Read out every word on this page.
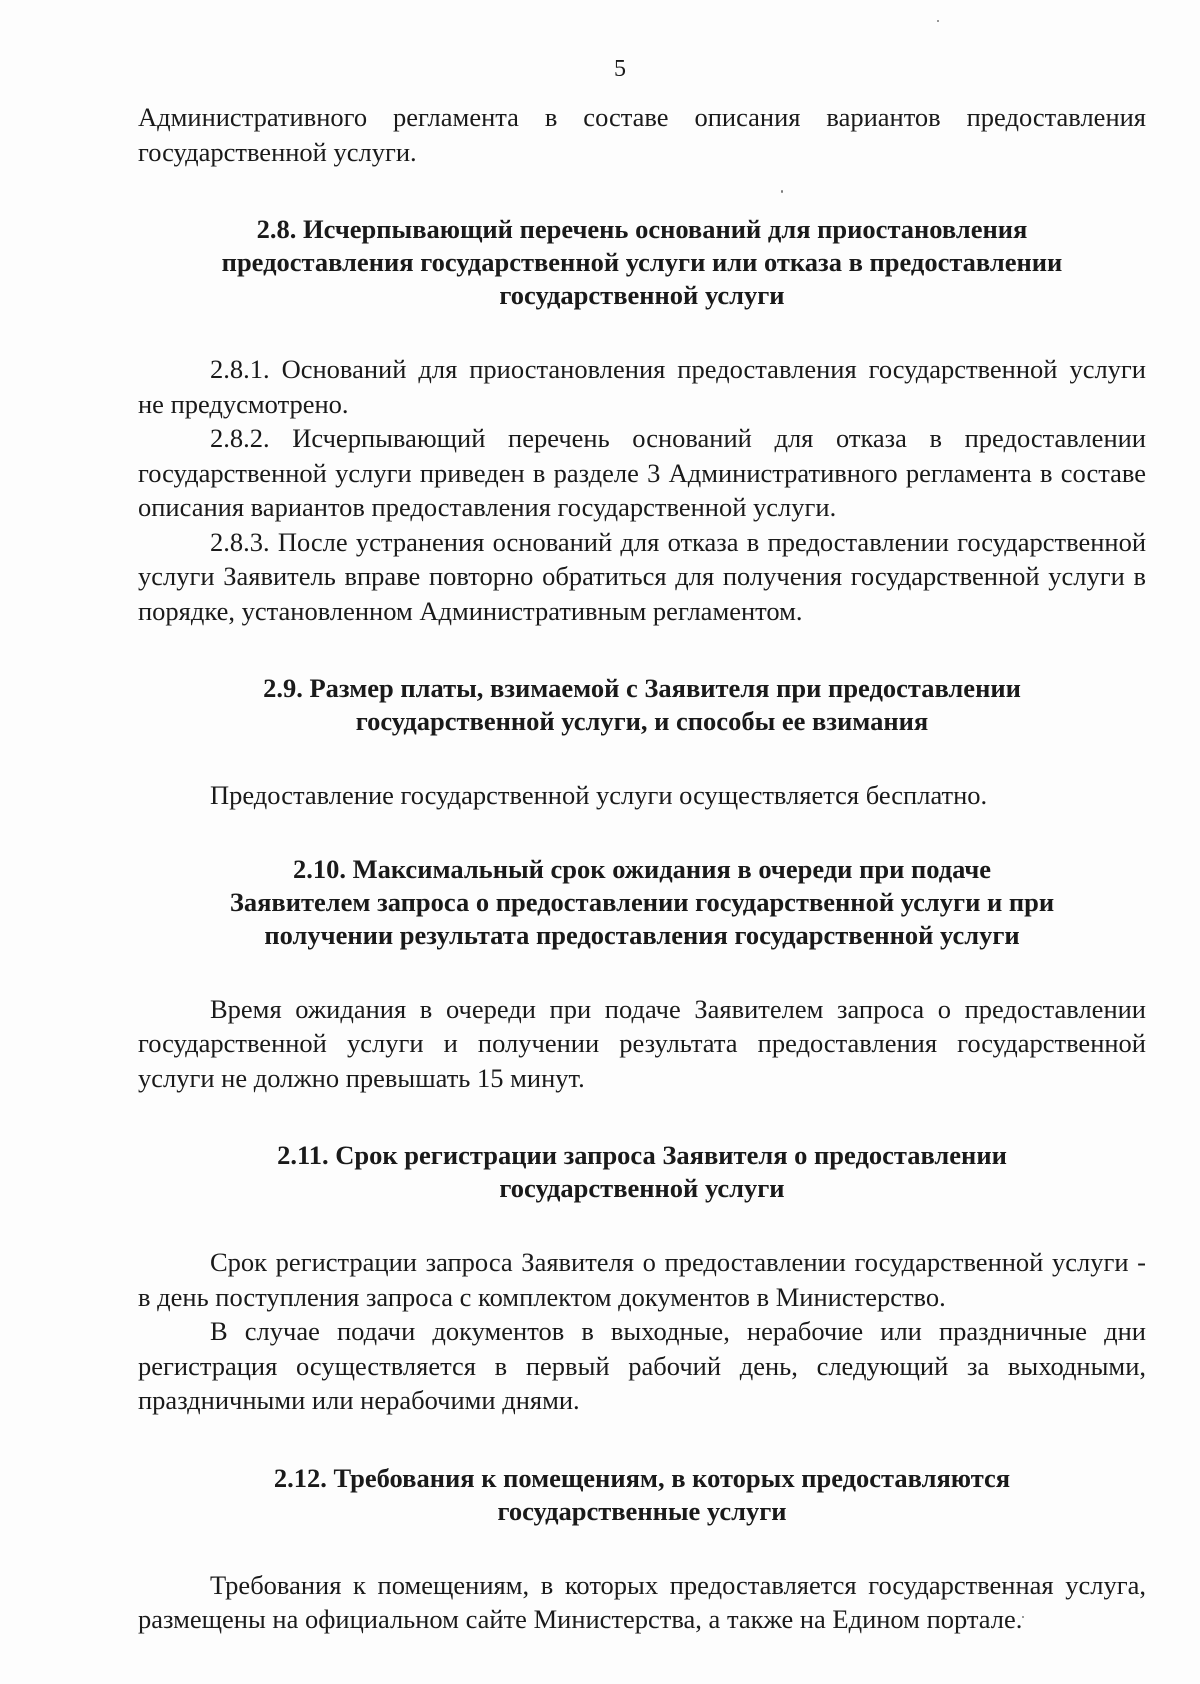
5

Административного регламента в составе описания вариантов предоставления государственной услуги.

2.8. Исчерпывающий перечень оснований для приостановления

предоставления государственной услуги или отказа в предоставлении

государственной услуги

2.8.1. Оснований для приостановления предоставления государственной услуги не предусмотрено.

2.8.2. Исчерпывающий перечень оснований для отказа в предоставлении государственной услуги приведен в разделе 3 Административного регламента в составе описания вариантов предоставления государственной услуги.

2.8.3. После устранения оснований для отказа в предоставлении государственной услуги Заявитель вправе повторно обратиться для получения государственной услуги в порядке, установленном Административным регламентом.

2.9. Размер платы, взимаемой с Заявителя при предоставлении

государственной услуги, и способы ее взимания

Предоставление государственной услуги осуществляется бесплатно.

2.10. Максимальный срок ожидания в очереди при подаче

Заявителем запроса о предоставлении государственной услуги и при

получении результата предоставления государственной услуги

Время ожидания в очереди при подаче Заявителем запроса о предоставлении государственной услуги и получении результата предоставления государственной услуги не должно превышать 15 минут.

2.11. Срок регистрации запроса Заявителя о предоставлении

государственной услуги

Срок регистрации запроса Заявителя о предоставлении государственной услуги - в день поступления запроса с комплектом документов в Министерство.

В случае подачи документов в выходные, нерабочие или праздничные дни регистрация осуществляется в первый рабочий день, следующий за выходными, праздничными или нерабочими днями.

2.12. Требования к помещениям, в которых предоставляются

государственные услуги

Требования к помещениям, в которых предоставляется государственная услуга, размещены на официальном сайте Министерства, а также на Едином портале.
